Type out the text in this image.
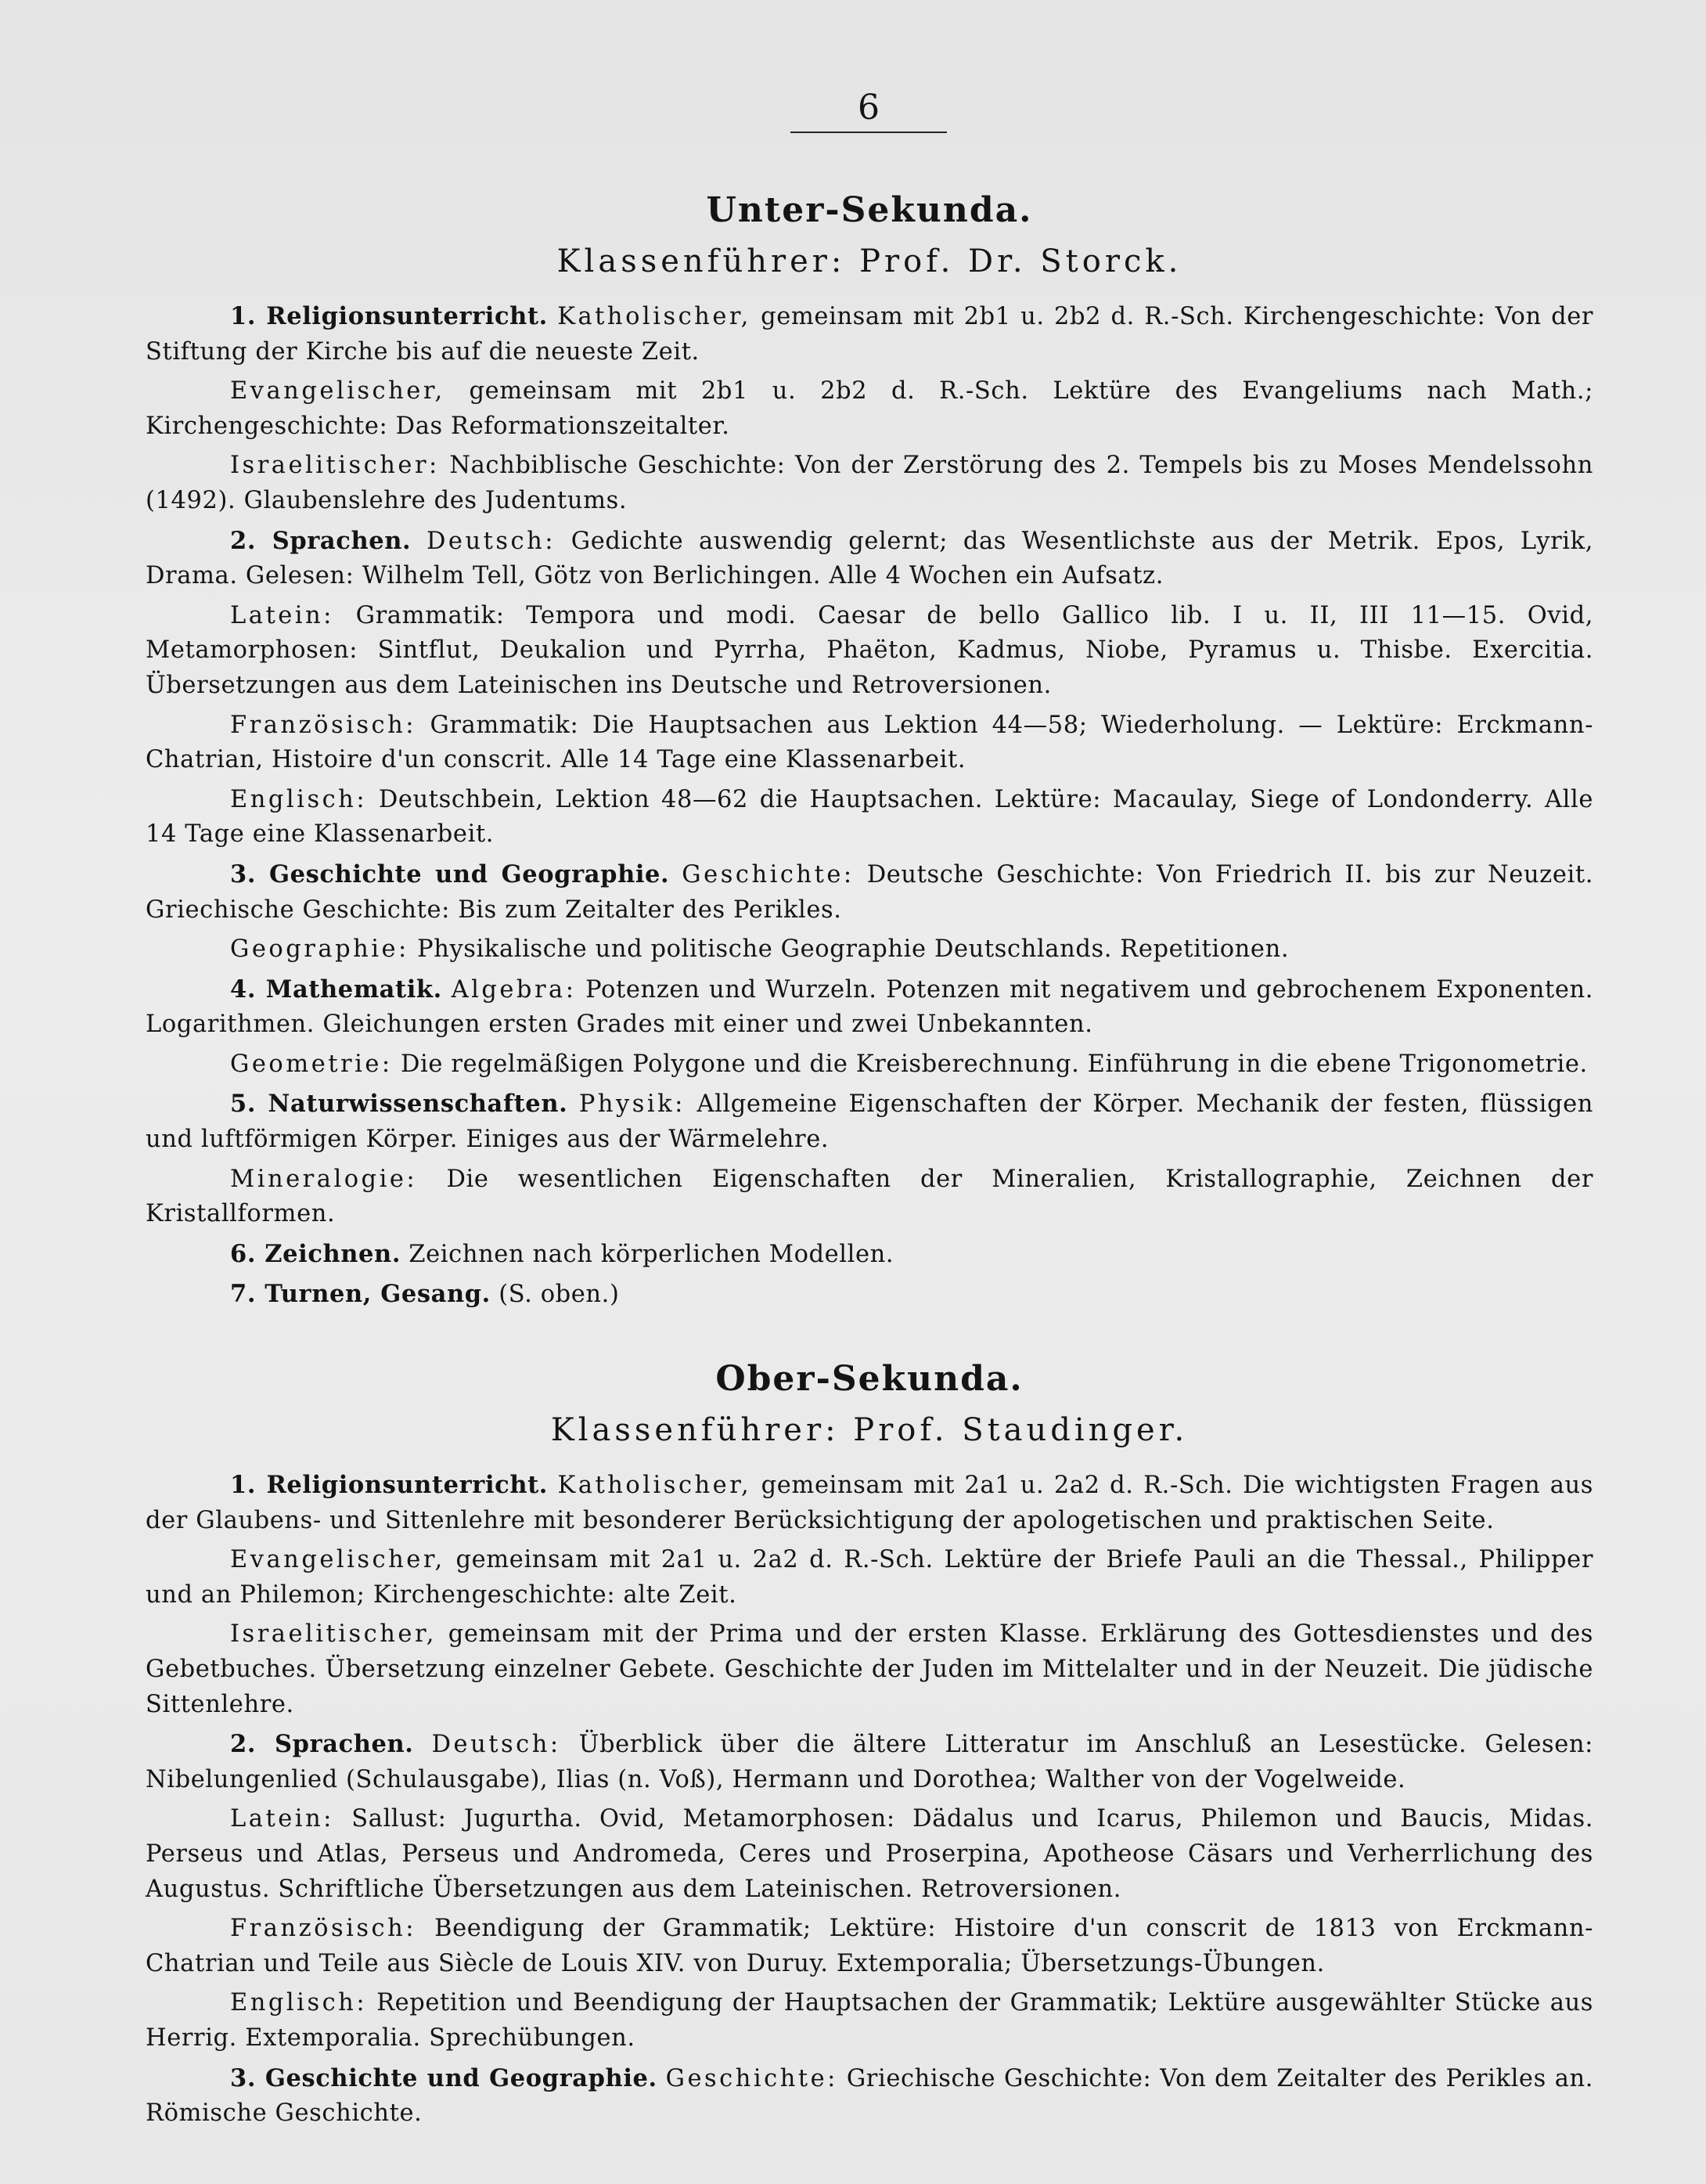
6
Unter-Sekunda.
Klassenführer: Prof. Dr. Storck.

1. Religionsunterricht. Katholischer, gemeinsam mit 2b1 u. 2b2 d. R.-Sch. Kirchengeschichte: Von der Stiftung der Kirche bis auf die neueste Zeit.

Evangelischer, gemeinsam mit 2b1 u. 2b2 d. R.-Sch. Lektüre des Evangeliums nach Math.; Kirchengeschichte: Das Reformationszeitalter.

Israelitischer: Nachbiblische Geschichte: Von der Zerstörung des 2. Tempels bis zu Moses Mendelssohn (1492). Glaubenslehre des Judentums.

2. Sprachen. Deutsch: Gedichte auswendig gelernt; das Wesentlichste aus der Metrik. Epos, Lyrik, Drama. Gelesen: Wilhelm Tell, Götz von Berlichingen. Alle 4 Wochen ein Aufsatz.

Latein: Grammatik: Tempora und modi. Caesar de bello Gallico lib. I u. II, III 11—15. Ovid, Metamorphosen: Sintflut, Deukalion und Pyrrha, Phaëton, Kadmus, Niobe, Pyramus u. Thisbe. Exercitia. Übersetzungen aus dem Lateinischen ins Deutsche und Retroversionen.

Französisch: Grammatik: Die Hauptsachen aus Lektion 44—58; Wiederholung. — Lektüre: Erckmann-Chatrian, Histoire d'un conscrit. Alle 14 Tage eine Klassenarbeit.

Englisch: Deutschbein, Lektion 48—62 die Hauptsachen. Lektüre: Macaulay, Siege of Londonderry. Alle 14 Tage eine Klassenarbeit.

3. Geschichte und Geographie. Geschichte: Deutsche Geschichte: Von Friedrich II. bis zur Neuzeit. Griechische Geschichte: Bis zum Zeitalter des Perikles.

Geographie: Physikalische und politische Geographie Deutschlands. Repetitionen.

4. Mathematik. Algebra: Potenzen und Wurzeln. Potenzen mit negativem und gebrochenem Exponenten. Logarithmen. Gleichungen ersten Grades mit einer und zwei Unbekannten.

Geometrie: Die regelmäßigen Polygone und die Kreisberechnung. Einführung in die ebene Trigonometrie.

5. Naturwissenschaften. Physik: Allgemeine Eigenschaften der Körper. Mechanik der festen, flüssigen und luftförmigen Körper. Einiges aus der Wärmelehre.

Mineralogie: Die wesentlichen Eigenschaften der Mineralien, Kristallographie, Zeichnen der Kristallformen.

6. Zeichnen. Zeichnen nach körperlichen Modellen.

7. Turnen, Gesang. (S. oben.)

Ober-Sekunda.
Klassenführer: Prof. Staudinger.

1. Religionsunterricht. Katholischer, gemeinsam mit 2a1 u. 2a2 d. R.-Sch. Die wichtigsten Fragen aus der Glaubens- und Sittenlehre mit besonderer Berücksichtigung der apologetischen und praktischen Seite.

Evangelischer, gemeinsam mit 2a1 u. 2a2 d. R.-Sch. Lektüre der Briefe Pauli an die Thessal., Philipper und an Philemon; Kirchengeschichte: alte Zeit.

Israelitischer, gemeinsam mit der Prima und der ersten Klasse. Erklärung des Gottesdienstes und des Gebetbuches. Übersetzung einzelner Gebete. Geschichte der Juden im Mittelalter und in der Neuzeit. Die jüdische Sittenlehre.

2. Sprachen. Deutsch: Überblick über die ältere Litteratur im Anschluß an Lesestücke. Gelesen: Nibelungenlied (Schulausgabe), Ilias (n. Voß), Hermann und Dorothea; Walther von der Vogelweide.

Latein: Sallust: Jugurtha. Ovid, Metamorphosen: Dädalus und Icarus, Philemon und Baucis, Midas. Perseus und Atlas, Perseus und Andromeda, Ceres und Proserpina, Apotheose Cäsars und Verherrlichung des Augustus. Schriftliche Übersetzungen aus dem Lateinischen. Retroversionen.

Französisch: Beendigung der Grammatik; Lektüre: Histoire d'un conscrit de 1813 von Erckmann-Chatrian und Teile aus Siècle de Louis XIV. von Duruy. Extemporalia; Übersetzungs-Übungen.

Englisch: Repetition und Beendigung der Hauptsachen der Grammatik; Lektüre ausgewählter Stücke aus Herrig. Extemporalia. Sprechübungen.

3. Geschichte und Geographie. Geschichte: Griechische Geschichte: Von dem Zeitalter des Perikles an. Römische Geschichte.
